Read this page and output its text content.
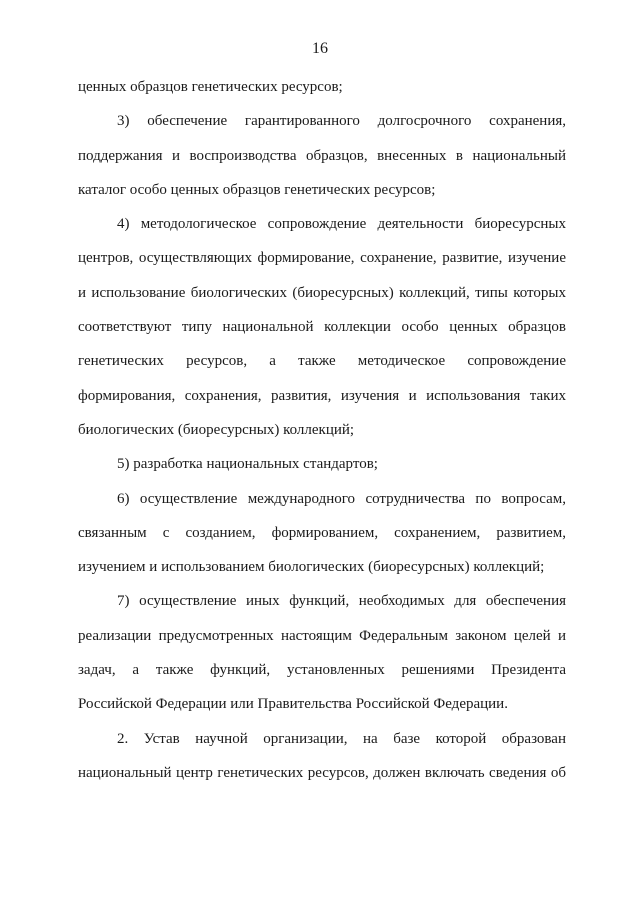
16
ценных образцов генетических ресурсов;
3) обеспечение гарантированного долгосрочного сохранения,
поддержания и воспроизводства образцов, внесенных в национальный
каталог особо ценных образцов генетических ресурсов;
4) методологическое сопровождение деятельности биоресурсных
центров, осуществляющих формирование, сохранение, развитие, изучение
и использование биологических (биоресурсных) коллекций, типы которых
соответствуют типу национальной коллекции особо ценных образцов
генетических ресурсов, а также методическое сопровождение
формирования, сохранения, развития, изучения и использования таких
биологических (биоресурсных) коллекций;
5) разработка национальных стандартов;
6) осуществление международного сотрудничества по вопросам,
связанным с созданием, формированием, сохранением, развитием,
изучением и использованием биологических (биоресурсных) коллекций;
7) осуществление иных функций, необходимых для обеспечения
реализации предусмотренных настоящим Федеральным законом целей и
задач, а также функций, установленных решениями Президента
Российской Федерации или Правительства Российской Федерации.
2. Устав научной организации, на базе которой образован
национальный центр генетических ресурсов, должен включать сведения об
